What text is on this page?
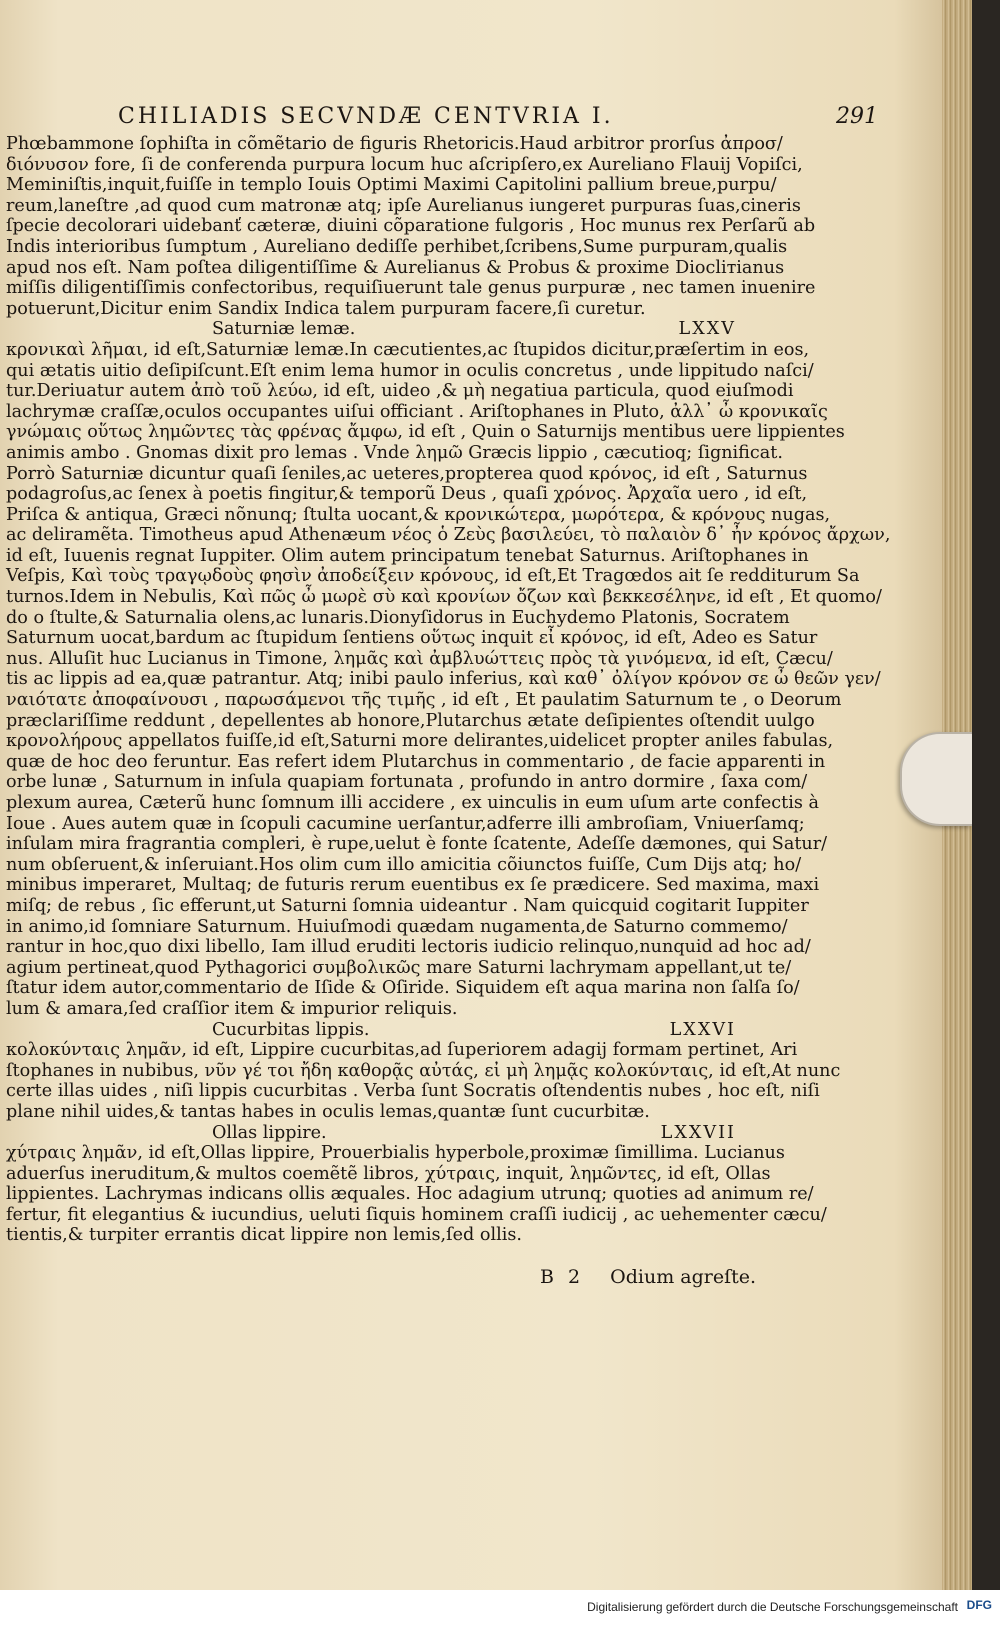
CHILIADIS SECVNDÆ CENTVRIA I.	291
Phœbammone ſophiſta in cõmẽtario de figuris Rhetoricis.Haud arbitror prorſus ἀπροσ/
διόνυσον fore, ſi de conferenda purpura locum huc aſcripſero,ex Aureliano Flauij Vopiſci,
Meminiſtis,inquit,fuiſſe in templo Iouis Optimi Maximi Capitolini pallium breue,purpu/
reum,laneſtre ,ad quod cum matronæ atq; ipſe Aurelianus iungeret purpuras ſuas,cineris
ſpecie decolorari uidebanť cæteræ, diuini cõparatione fulgoris , Hoc munus rex Perſarũ ab
Indis interioribus ſumptum , Aureliano dediſſe perhibet,ſcribens,Sume purpuram,qualis
apud nos eſt. Nam poſtea diligentiſſime & Aurelianus & Probus & proxime Diocliтianus
miſſis diligentiſſimis confectoribus, requiſiuerunt tale genus purpuræ , nec tamen inuenire
potuerunt,Dicitur enim Sandix Indica talem purpuram facere,ſi curetur.
Saturniæ lemæ.	LXXV
κρονικαὶ λῆμαι, id eſt,Saturniæ lemæ.In cæcutientes,ac ſtupidos dicitur,præſertim in eos,
qui ætatis uitio deſipiſcunt.Eſt enim lema humor in oculis concretus , unde lippitudo naſci/
tur.Deriuatur autem ἀπὸ τοῦ λεύω, id eſt, uideo ,& μὴ negatiua particula, quod eiuſmodi
lachrymæ craſſæ,oculos occupantes uiſui officiant . Ariſtophanes in Pluto, ἀλλ᾽ ὦ κρονικαῖς
γνώμαις οὕτως λημῶντες τὰς φρένας ἄμφω, id eſt , Quin o Saturnijs mentibus uere lippientes
animis ambo . Gnomas dixit pro lemas . Vnde λημῶ Græcis lippio , cæcutioq; ſignificat.
Porrò Saturniæ dicuntur quaſi ſeniles,ac ueteres,propterea quod κρόνος, id eſt , Saturnus
podagroſus,ac ſenex à poetis fingitur,& temporũ Deus , quaſi χρόνος. Ἀρχαῖα uero , id eſt,
Priſca & antiqua, Græci nõnunq; ſtulta uocant,& κρονικώτερα, μωρότερα, & κρόνους nugas,
ac deliramẽta. Timotheus apud Athenæum νέος ὁ Ζεὺς βασιλεύει, τὸ παλαιὸν δ᾽ ἦν κρόνος ἄρχων,
id eſt, Iuuenis regnat Iuppiter. Olim autem principatum tenebat Saturnus. Ariſtophanes in
Veſpis, Καὶ τοὺς τραγῳδοὺς φησὶν ἀποδείξειν κρόνους, id eſt,Et Tragœdos ait ſe redditurum Sa
turnos.Idem in Nebulis, Καὶ πῶς ὦ μωρὲ σὺ καὶ κρονίων ὄζων καὶ βεκκεσέληνε, id eſt , Et quomo/
do o ſtulte,& Saturnalia olens,ac lunaris.Dionyſidorus in Euchydemo Platonis, Socratem
Saturnum uocat,bardum ac ſtupidum ſentiens οὕτως inquit εἶ κρόνος, id eſt, Adeo es Satur
nus. Alluſit huc Lucianus in Timone, λημᾶς καὶ ἀμβλυώττεις πρὸς τὰ γινόμενα, id eſt, Cæcu/
tis ac lippis ad ea,quæ patrantur. Atq; inibi paulo inferius, καὶ καθ᾽ ὀλίγον κρόνον σε ὦ θεῶν γεν/
ναιότατε ἀποφαίνουσι , παρωσάμενοι τῆς τιμῆς , id eſt , Et paulatim Saturnum te , o Deorum
præclariſſime reddunt , depellentes ab honore,Plutarchus ætate deſipientes oſtendit uulgo
κρονολήρους appellatos fuiſſe,id eſt,Saturni more delirantes,uidelicet propter aniles fabulas,
quæ de hoc deo feruntur. Eas refert idem Plutarchus in commentario , de facie apparenti in
orbe lunæ , Saturnum in inſula quapiam fortunata , profundo in antro dormire , ſaxa com/
plexum aurea, Cæterũ hunc ſomnum illi accidere , ex uinculis in eum uſum arte confectis à
Ioue . Aues autem quæ in ſcopuli cacumine uerſantur,adferre illi ambroſiam, Vniuerſamq;
inſulam mira fragrantia compleri, è rupe,uelut è fonte ſcatente, Adeſſe dæmones, qui Satur/
num obſeruent,& inſeruiant.Hos olim cum illo amicitia cõiunctos fuiſſe, Cum Dijs atq; ho/
minibus imperaret, Multaq; de futuris rerum euentibus ex ſe prædicere. Sed maxima, maxi
miſq; de rebus , ſic efferunt,ut Saturni ſomnia uideantur . Nam quicquid cogitarit Iuppiter
in animo,id ſomniare Saturnum. Huiuſmodi quædam nugamenta,de Saturno commemo/
rantur in hoc,quo dixi libello, Iam illud eruditi lectoris iudicio relinquo,nunquid ad hoc ad/
agium pertineat,quod Pythagorici συμβολικῶς mare Saturni lachrymam appellant,ut te/
ſtatur idem autor,commentario de Iſide & Oſiride. Siquidem eſt aqua marina non ſalſa ſo/
lum & amara,ſed craſſior item & impurior reliquis.
Cucurbitas lippis.	LXXVI
κολοκύνταις λημᾶν, id eſt, Lippire cucurbitas,ad ſuperiorem adagij formam pertinet, Ari
ſtophanes in nubibus, νῦν γέ τοι ἤδη καθορᾷς αὐτάς, εἰ μὴ λημᾷς κολοκύνταις, id eſt,At nunc
certe illas uides , niſi lippis cucurbitas . Verba ſunt Socratis oſtendentis nubes , hoc eſt, niſi
plane nihil uides,& tantas habes in oculis lemas,quantæ ſunt cucurbitæ.
Ollas lippire.	LXXVII
χύτραις λημᾶν, id eſt,Ollas lippire, Prouerbialis hyperbole,proximæ ſimillima. Lucianus
aduerſus ineruditum,& multos coemẽtẽ libros, χύτραις, inquit, λημῶντες, id eſt, Ollas
lippientes. Lachrymas indicans ollis æquales. Hoc adagium utrunq; quoties ad animum re/
fertur, fit elegantius & iucundius, ueluti ſiquis hominem craſſi iudicij , ac uehementer cæcu/
tientis,& turpiter errantis dicat lippire non lemis,ſed ollis.
B 2 Odium agreſte.
Digitalisierung gefördert durch die Deutsche Forschungsgemeinschaft DFG
